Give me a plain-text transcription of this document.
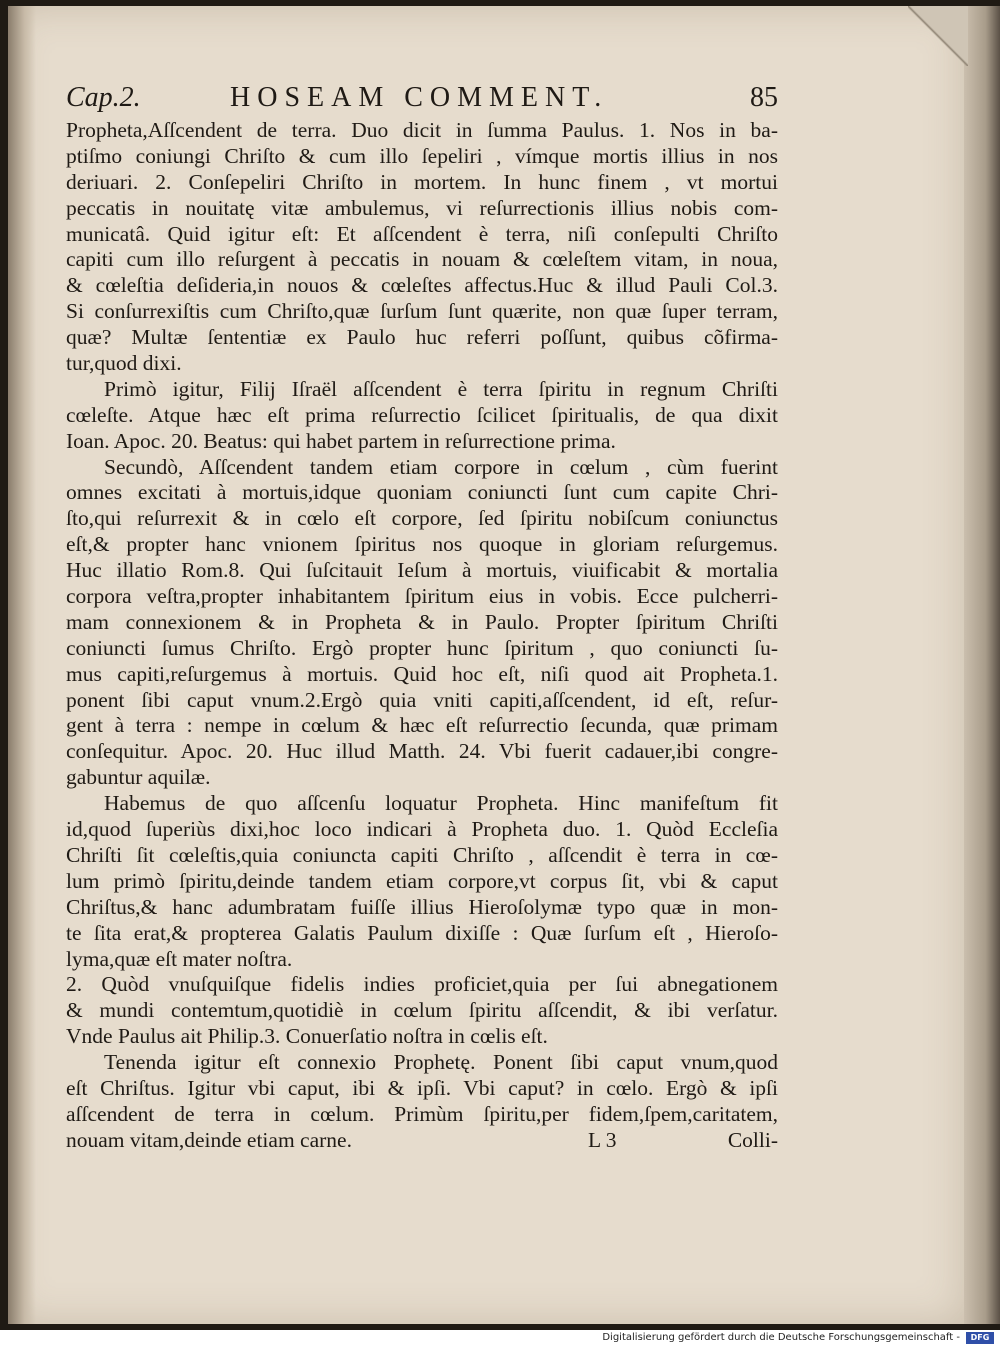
Cap.2.	HOSEAM COMMENT.	85
Propheta,Aſſcendent de terra. Duo dicit in ſumma Paulus. 1. Nos in ba-
ptiſmo coniungi Chriſto & cum illo ſepeliri , vímque mortis illius in nos
deriuari. 2. Conſepeliri Chriſto in mortem. In hunc finem , vt mortui
peccatis in nouitatę vitæ ambulemus, vi reſurrectionis illius nobis com-
municatâ. Quid igitur eſt: Et aſſcendent è terra, niſi conſepulti Chriſto
capiti cum illo reſurgent à peccatis in nouam & cœleſtem vitam, in noua,
& cœleſtia deſideria,in nouos & cœleſtes affectus.Huc & illud Pauli Col.3.
Si conſurrexiſtis cum Chriſto,quæ ſurſum ſunt quærite, non quæ ſuper terram,
quæ? Multæ ſententiæ ex Paulo huc referri poſſunt, quibus cõfirma-
tur,quod dixi.
Primò igitur, Filij Iſraël aſſcendent è terra ſpiritu in regnum Chriſti
cœleſte. Atque hæc eſt prima reſurrectio ſcilicet ſpiritualis, de qua dixit
Ioan. Apoc. 20. Beatus: qui habet partem in reſurrectione prima.
Secundò, Aſſcendent tandem etiam corpore in cœlum , cùm fuerint
omnes excitati à mortuis,idque quoniam coniuncti ſunt cum capite Chri-
ſto,qui reſurrexit & in cœlo eſt corpore, ſed ſpiritu nobiſcum coniunctus
eſt,& propter hanc vnionem ſpiritus nos quoque in gloriam reſurgemus.
Huc illatio Rom.8. Qui ſuſcitauit Ieſum à mortuis, viuificabit & mortalia
corpora veſtra,propter inhabitantem ſpiritum eius in vobis. Ecce pulcherri-
mam connexionem & in Propheta & in Paulo. Propter ſpiritum Chriſti
coniuncti ſumus Chriſto. Ergò propter hunc ſpiritum , quo coniuncti ſu-
mus capiti,reſurgemus à mortuis. Quid hoc eſt, niſi quod ait Propheta.1.
ponent ſibi caput vnum.2.Ergò quia vniti capiti,aſſcendent, id eſt, reſur-
gent à terra : nempe in cœlum & hæc eſt reſurrectio ſecunda, quæ primam
conſequitur. Apoc. 20. Huc illud Matth. 24. Vbi fuerit cadauer,ibi congre-
gabuntur aquilæ.
Habemus de quo aſſcenſu loquatur Propheta. Hinc manifeſtum fit
id,quod ſuperiùs dixi,hoc loco indicari à Propheta duo. 1. Quòd Eccleſia
Chriſti ſit cœleſtis,quia coniuncta capiti Chriſto , aſſcendit è terra in cœ-
lum primò ſpiritu,deinde tandem etiam corpore,vt corpus ſit, vbi & caput
Chriſtus,& hanc adumbratam fuiſſe illius Hieroſolymæ typo quæ in mon-
te ſita erat,& propterea Galatis Paulum dixiſſe : Quæ ſurſum eſt , Hieroſo-
lyma,quæ eſt mater noſtra.
2. Quòd vnuſquiſque fidelis indies proficiet,quia per ſui abnegationem
& mundi contemtum,quotidiè in cœlum ſpiritu aſſcendit, & ibi verſatur.
Vnde Paulus ait Philip.3. Conuerſatio noſtra in cœlis eſt.
Tenenda igitur eſt connexio Prophetę. Ponent ſibi caput vnum,quod
eſt Chriſtus. Igitur vbi caput, ibi & ipſi. Vbi caput? in cœlo. Ergò & ipſi
aſſcendent de terra in cœlum. Primùm ſpiritu,per fidem,ſpem,caritatem,
nouam vitam,deinde etiam carne.	L 3	Colli-
Digitalisierung gefördert durch die Deutsche Forschungsgemeinschaft -	DFG
